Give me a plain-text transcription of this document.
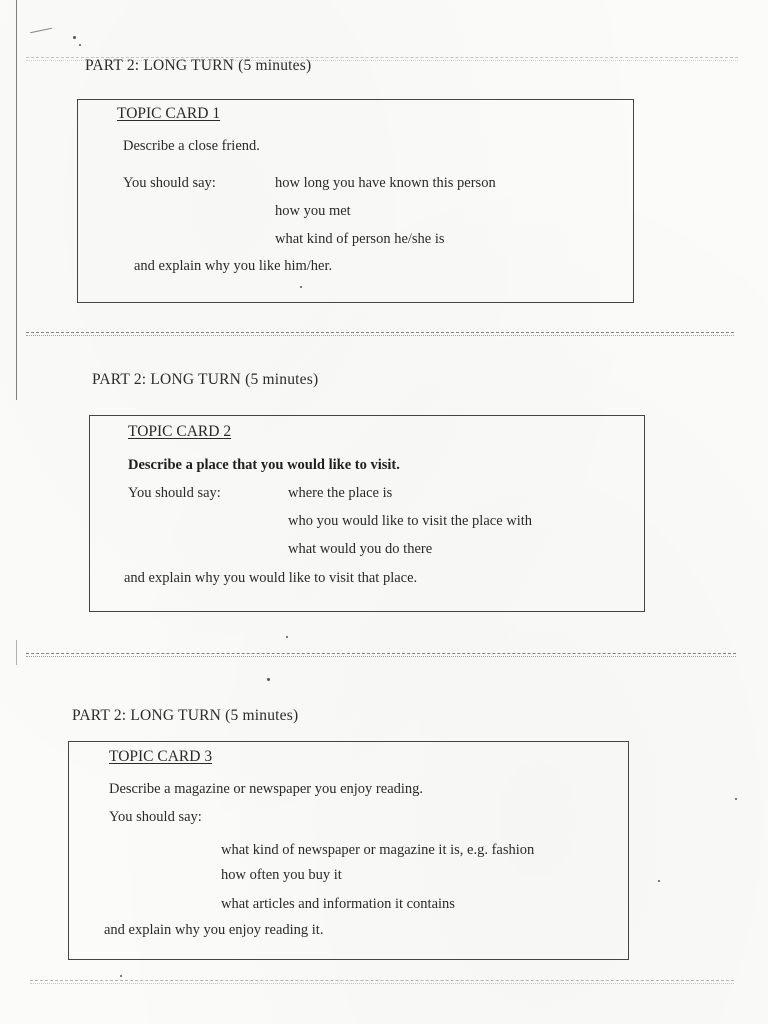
PART 2: LONG TURN (5 minutes)
TOPIC CARD 1
Describe a close friend.
You should say:	how long you have known this person
how you met
what kind of person he/she is
and explain why you like him/her.
PART 2: LONG TURN (5 minutes)
TOPIC CARD 2
Describe a place that you would like to visit.
You should say:	where the place is
who you would like to visit the place with
what would you do there
and explain why you would like to visit that place.
PART 2: LONG TURN (5 minutes)
TOPIC CARD 3
Describe a magazine or newspaper you enjoy reading.
You should say:
what kind of newspaper or magazine it is, e.g. fashion
how often you buy it
what articles and information it contains
and explain why you enjoy reading it.
